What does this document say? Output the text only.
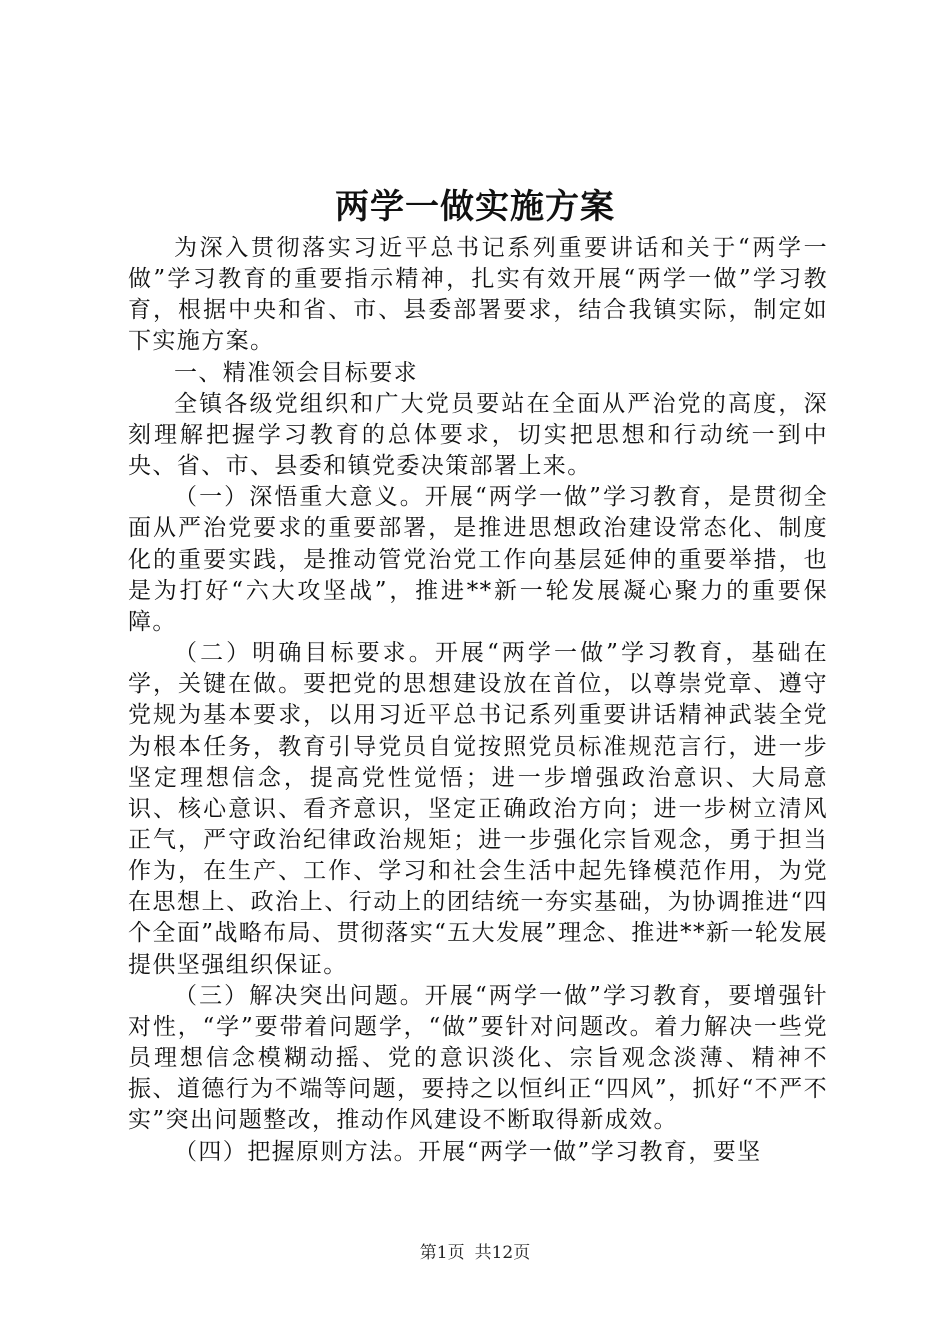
两学一做实施方案

为深入贯彻落实习近平总书记系列重要讲话和关于“两学一做”学习教育的重要指示精神，扎实有效开展“两学一做”学习教育，根据中央和省、市、县委部署要求，结合我镇实际，制定如下实施方案。

一、精准领会目标要求

全镇各级党组织和广大党员要站在全面从严治党的高度，深刻理解把握学习教育的总体要求，切实把思想和行动统一到中央、省、市、县委和镇党委决策部署上来。

（一）深悟重大意义。开展“两学一做”学习教育，是贯彻全面从严治党要求的重要部署，是推进思想政治建设常态化、制度化的重要实践，是推动管党治党工作向基层延伸的重要举措，也是为打好“六大攻坚战”，推进**新一轮发展凝心聚力的重要保障。

（二）明确目标要求。开展“两学一做”学习教育，基础在学，关键在做。要把党的思想建设放在首位，以尊崇党章、遵守党规为基本要求，以用习近平总书记系列重要讲话精神武装全党为根本任务，教育引导党员自觉按照党员标准规范言行，进一步坚定理想信念，提高党性觉悟；进一步增强政治意识、大局意识、核心意识、看齐意识，坚定正确政治方向；进一步树立清风正气，严守政治纪律政治规矩；进一步强化宗旨观念，勇于担当作为，在生产、工作、学习和社会生活中起先锋模范作用，为党在思想上、政治上、行动上的团结统一夯实基础，为协调推进“四个全面”战略布局、贯彻落实“五大发展”理念、推进**新一轮发展提供坚强组织保证。

（三）解决突出问题。开展“两学一做”学习教育，要增强针对性，“学”要带着问题学，“做”要针对问题改。着力解决一些党员理想信念模糊动摇、党的意识淡化、宗旨观念淡薄、精神不振、道德行为不端等问题，要持之以恒纠正“四风”，抓好“不严不实”突出问题整改，推动作风建设不断取得新成效。

（四）把握原则方法。开展“两学一做”学习教育，要坚

第1页 共12页
